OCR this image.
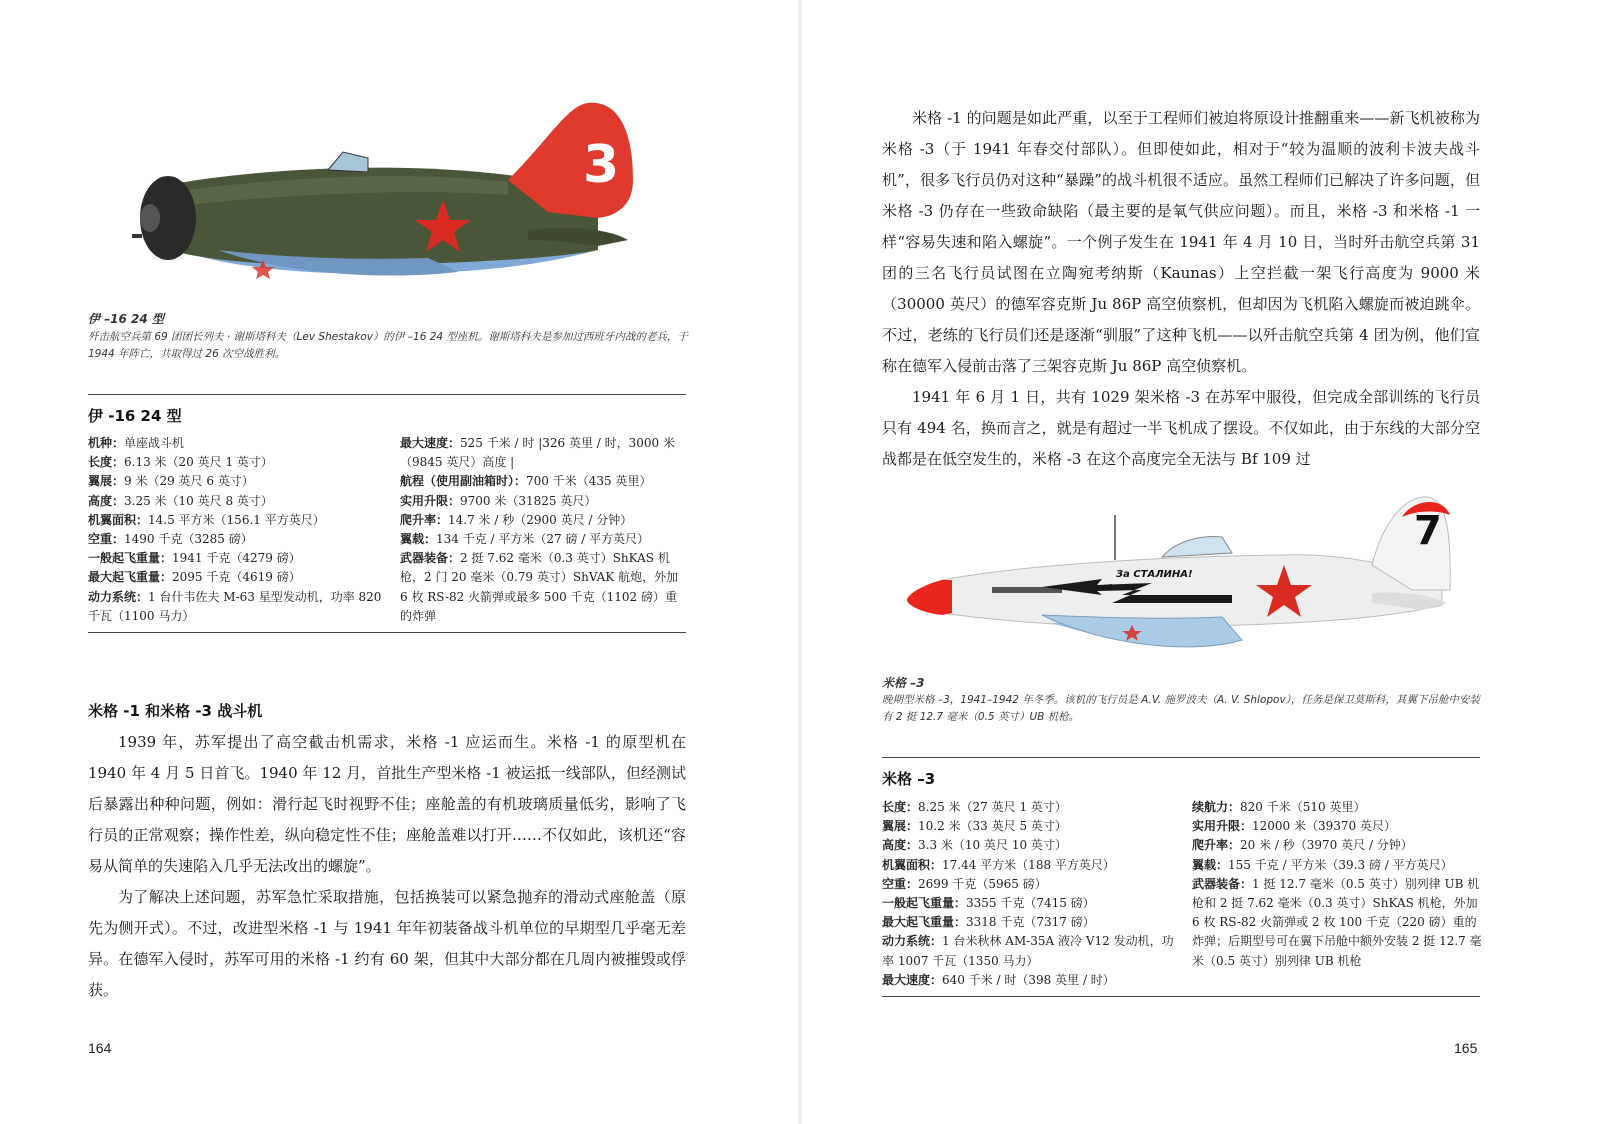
3
伊 –16 24 型
歼击航空兵第 69 团团长列夫 · 谢斯塔科夫（Lev Shestakov）的伊 –16 24 型座机。谢斯塔科夫是参加过西班牙内战的老兵，于 1944 年阵亡，共取得过 26 次空战胜利。
伊 -16 24 型
机种：单座战斗机
长度：6.13 米（20 英尺 1 英寸）
翼展：9 米（29 英尺 6 英寸）
高度：3.25 米（10 英尺 8 英寸）
机翼面积：14.5 平方米（156.1 平方英尺）
空重：1490 千克（3285 磅）
一般起飞重量：1941 千克（4279 磅）
最大起飞重量：2095 千克（4619 磅）
动力系统：1 台什韦佐夫 M-63 星型发动机，功率 820 千瓦（1100 马力）
最大速度：525 千米 / 时 |326 英里 / 时，3000 米（9845 英尺）高度 |
航程（使用副油箱时）：700 千米（435 英里）
实用升限：9700 米（31825 英尺）
爬升率：14.7 米 / 秒（2900 英尺 / 分钟）
翼载：134 千克 / 平方米（27 磅 / 平方英尺）
武器装备：2 挺 7.62 毫米（0.3 英寸）ShKAS 机枪，2 门 20 毫米（0.79 英寸）ShVAK 航炮，外加 6 枚 RS-82 火箭弹或最多 500 千克（1102 磅）重的炸弹
米格 -1 和米格 -3 战斗机

1939 年，苏军提出了高空截击机需求，米格 -1 应运而生。米格 -1 的原型机在 1940 年 4 月 5 日首飞。1940 年 12 月，首批生产型米格 -1 被运抵一线部队，但经测试后暴露出种种问题，例如：滑行起飞时视野不佳；座舱盖的有机玻璃质量低劣，影响了飞行员的正常观察；操作性差，纵向稳定性不佳；座舱盖难以打开……不仅如此，该机还“容易从简单的失速陷入几乎无法改出的螺旋”。

为了解决上述问题，苏军急忙采取措施，包括换装可以紧急抛弃的滑动式座舱盖（原先为侧开式）。不过，改进型米格 -1 与 1941 年年初装备战斗机单位的早期型几乎毫无差异。在德军入侵时，苏军可用的米格 -1 约有 60 架，但其中大部分都在几周内被摧毁或俘获。

164

米格 -1 的问题是如此严重，以至于工程师们被迫将原设计推翻重来——新飞机被称为米格 -3（于 1941 年春交付部队）。但即使如此，相对于“较为温顺的波利卡波夫战斗机”，很多飞行员仍对这种“暴躁”的战斗机很不适应。虽然工程师们已解决了许多问题，但米格 -3 仍存在一些致命缺陷（最主要的是氧气供应问题）。而且，米格 -3 和米格 -1 一样“容易失速和陷入螺旋”。一个例子发生在 1941 年 4 月 10 日，当时歼击航空兵第 31 团的三名飞行员试图在立陶宛考纳斯（Kaunas）上空拦截一架飞行高度为 9000 米（30000 英尺）的德军容克斯 Ju 86P 高空侦察机，但却因为飞机陷入螺旋而被迫跳伞。不过，老练的飞行员们还是逐渐“驯服”了这种飞机——以歼击航空兵第 4 团为例，他们宣称在德军入侵前击落了三架容克斯 Ju 86P 高空侦察机。

1941 年 6 月 1 日，共有 1029 架米格 -3 在苏军中服役，但完成全部训练的飞行员只有 494 名，换而言之，就是有超过一半飞机成了摆设。不仅如此，由于东线的大部分空战都是在低空发生的，米格 -3 在这个高度完全无法与 Bf 109 过

7
За СТАЛИНА!
米格 –3
晚期型米格 –3，1941–1942 年冬季。该机的飞行员是 A.V. 施罗波夫（A. V. Shlopov），任务是保卫莫斯科，其翼下吊舱中安装有 2 挺 12.7 毫米（0.5 英寸）UB 机枪。
米格 –3
长度：8.25 米（27 英尺 1 英寸）
翼展：10.2 米（33 英尺 5 英寸）
高度：3.3 米（10 英尺 10 英寸）
机翼面积：17.44 平方米（188 平方英尺）
空重：2699 千克（5965 磅）
一般起飞重量：3355 千克（7415 磅）
最大起飞重量：3318 千克（7317 磅）
动力系统：1 台米秋林 AM-35A 液冷 V12 发动机，功率 1007 千瓦（1350 马力）
最大速度：640 千米 / 时（398 英里 / 时）
续航力：820 千米（510 英里）
实用升限：12000 米（39370 英尺）
爬升率：20 米 / 秒（3970 英尺 / 分钟）
翼载：155 千克 / 平方米（39.3 磅 / 平方英尺）
武器装备：1 挺 12.7 毫米（0.5 英寸）别列律 UB 机枪和 2 挺 7.62 毫米（0.3 英寸）ShKAS 机枪，外加 6 枚 RS-82 火箭弹或 2 枚 100 千克（220 磅）重的炸弹；后期型号可在翼下吊舱中额外安装 2 挺 12.7 毫米（0.5 英寸）别列律 UB 机枪
165
